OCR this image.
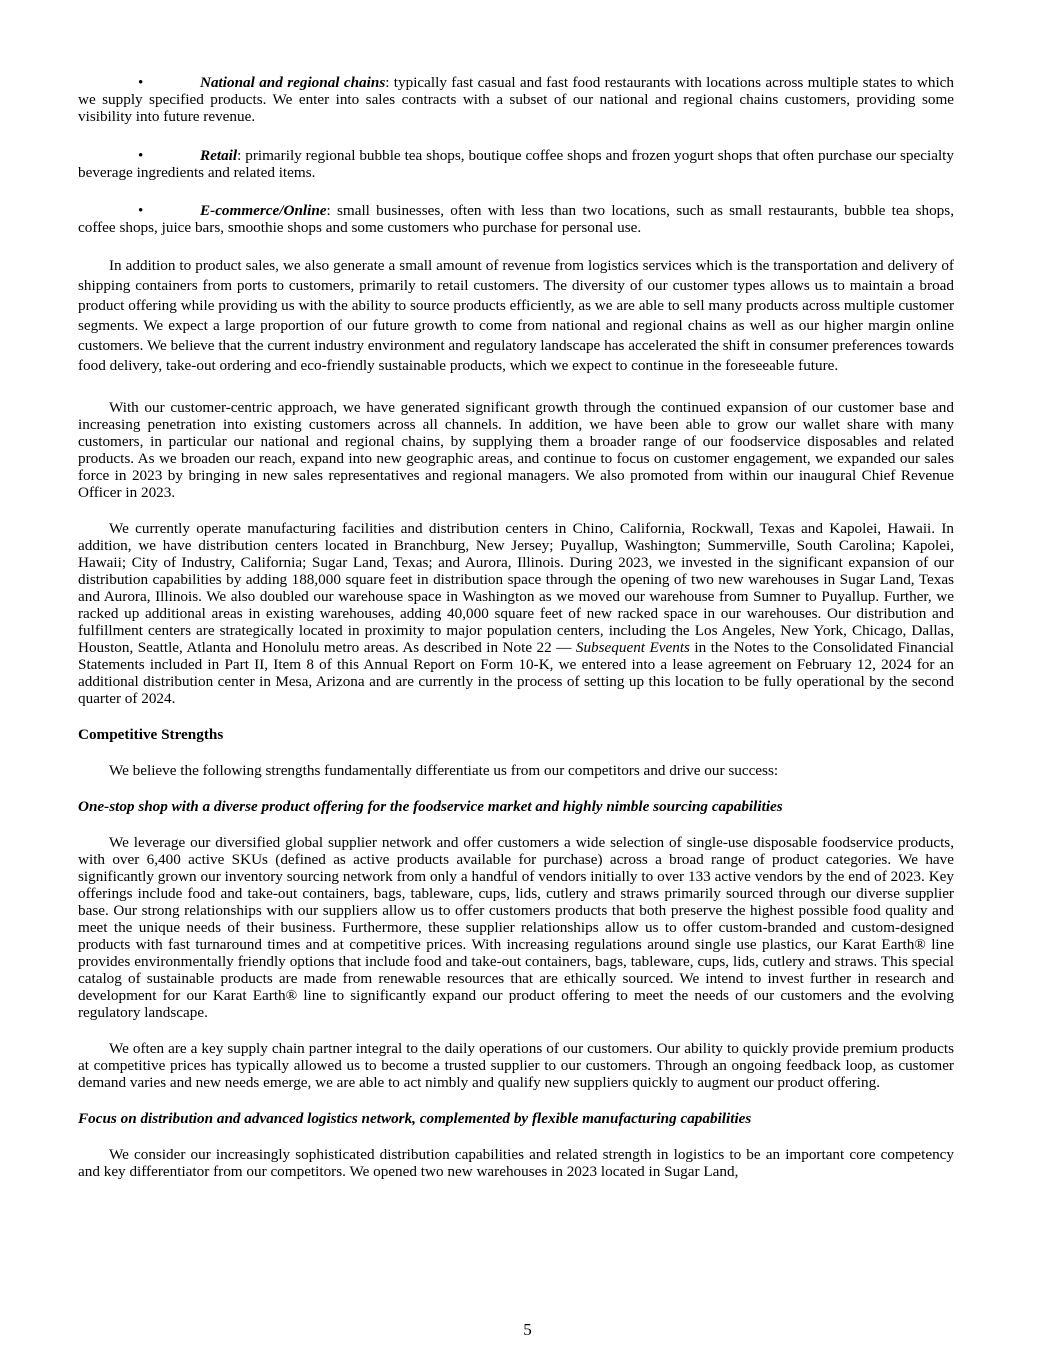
•	National and regional chains: typically fast casual and fast food restaurants with locations across multiple states to which we supply specified products. We enter into sales contracts with a subset of our national and regional chains customers, providing some visibility into future revenue.

•	Retail: primarily regional bubble tea shops, boutique coffee shops and frozen yogurt shops that often purchase our specialty beverage ingredients and related items.

•	E-commerce/Online: small businesses, often with less than two locations, such as small restaurants, bubble tea shops, coffee shops, juice bars, smoothie shops and some customers who purchase for personal use.

In addition to product sales, we also generate a small amount of revenue from logistics services which is the transportation and delivery of shipping containers from ports to customers, primarily to retail customers. The diversity of our customer types allows us to maintain a broad product offering while providing us with the ability to source products efficiently, as we are able to sell many products across multiple customer segments. We expect a large proportion of our future growth to come from national and regional chains as well as our higher margin online customers. We believe that the current industry environment and regulatory landscape has accelerated the shift in consumer preferences towards food delivery, take-out ordering and eco-friendly sustainable products, which we expect to continue in the foreseeable future.

With our customer-centric approach, we have generated significant growth through the continued expansion of our customer base and increasing penetration into existing customers across all channels. In addition, we have been able to grow our wallet share with many customers, in particular our national and regional chains, by supplying them a broader range of our foodservice disposables and related products. As we broaden our reach, expand into new geographic areas, and continue to focus on customer engagement, we expanded our sales force in 2023 by bringing in new sales representatives and regional managers. We also promoted from within our inaugural Chief Revenue Officer in 2023.

We currently operate manufacturing facilities and distribution centers in Chino, California, Rockwall, Texas and Kapolei, Hawaii. In addition, we have distribution centers located in Branchburg, New Jersey; Puyallup, Washington; Summerville, South Carolina; Kapolei, Hawaii; City of Industry, California; Sugar Land, Texas; and Aurora, Illinois. During 2023, we invested in the significant expansion of our distribution capabilities by adding 188,000 square feet in distribution space through the opening of two new warehouses in Sugar Land, Texas and Aurora, Illinois. We also doubled our warehouse space in Washington as we moved our warehouse from Sumner to Puyallup. Further, we racked up additional areas in existing warehouses, adding 40,000 square feet of new racked space in our warehouses. Our distribution and fulfillment centers are strategically located in proximity to major population centers, including the Los Angeles, New York, Chicago, Dallas, Houston, Seattle, Atlanta and Honolulu metro areas. As described in Note 22 — Subsequent Events in the Notes to the Consolidated Financial Statements included in Part II, Item 8 of this Annual Report on Form 10-K, we entered into a lease agreement on February 12, 2024 for an additional distribution center in Mesa, Arizona and are currently in the process of setting up this location to be fully operational by the second quarter of 2024.

Competitive Strengths

We believe the following strengths fundamentally differentiate us from our competitors and drive our success:

One-stop shop with a diverse product offering for the foodservice market and highly nimble sourcing capabilities

We leverage our diversified global supplier network and offer customers a wide selection of single-use disposable foodservice products, with over 6,400 active SKUs (defined as active products available for purchase) across a broad range of product categories. We have significantly grown our inventory sourcing network from only a handful of vendors initially to over 133 active vendors by the end of 2023. Key offerings include food and take-out containers, bags, tableware, cups, lids, cutlery and straws primarily sourced through our diverse supplier base. Our strong relationships with our suppliers allow us to offer customers products that both preserve the highest possible food quality and meet the unique needs of their business. Furthermore, these supplier relationships allow us to offer custom-branded and custom-designed products with fast turnaround times and at competitive prices. With increasing regulations around single use plastics, our Karat Earth® line provides environmentally friendly options that include food and take-out containers, bags, tableware, cups, lids, cutlery and straws. This special catalog of sustainable products are made from renewable resources that are ethically sourced. We intend to invest further in research and development for our Karat Earth® line to significantly expand our product offering to meet the needs of our customers and the evolving regulatory landscape.

We often are a key supply chain partner integral to the daily operations of our customers. Our ability to quickly provide premium products at competitive prices has typically allowed us to become a trusted supplier to our customers. Through an ongoing feedback loop, as customer demand varies and new needs emerge, we are able to act nimbly and qualify new suppliers quickly to augment our product offering.

Focus on distribution and advanced logistics network, complemented by flexible manufacturing capabilities

We consider our increasingly sophisticated distribution capabilities and related strength in logistics to be an important core competency and key differentiator from our competitors. We opened two new warehouses in 2023 located in Sugar Land,

5
